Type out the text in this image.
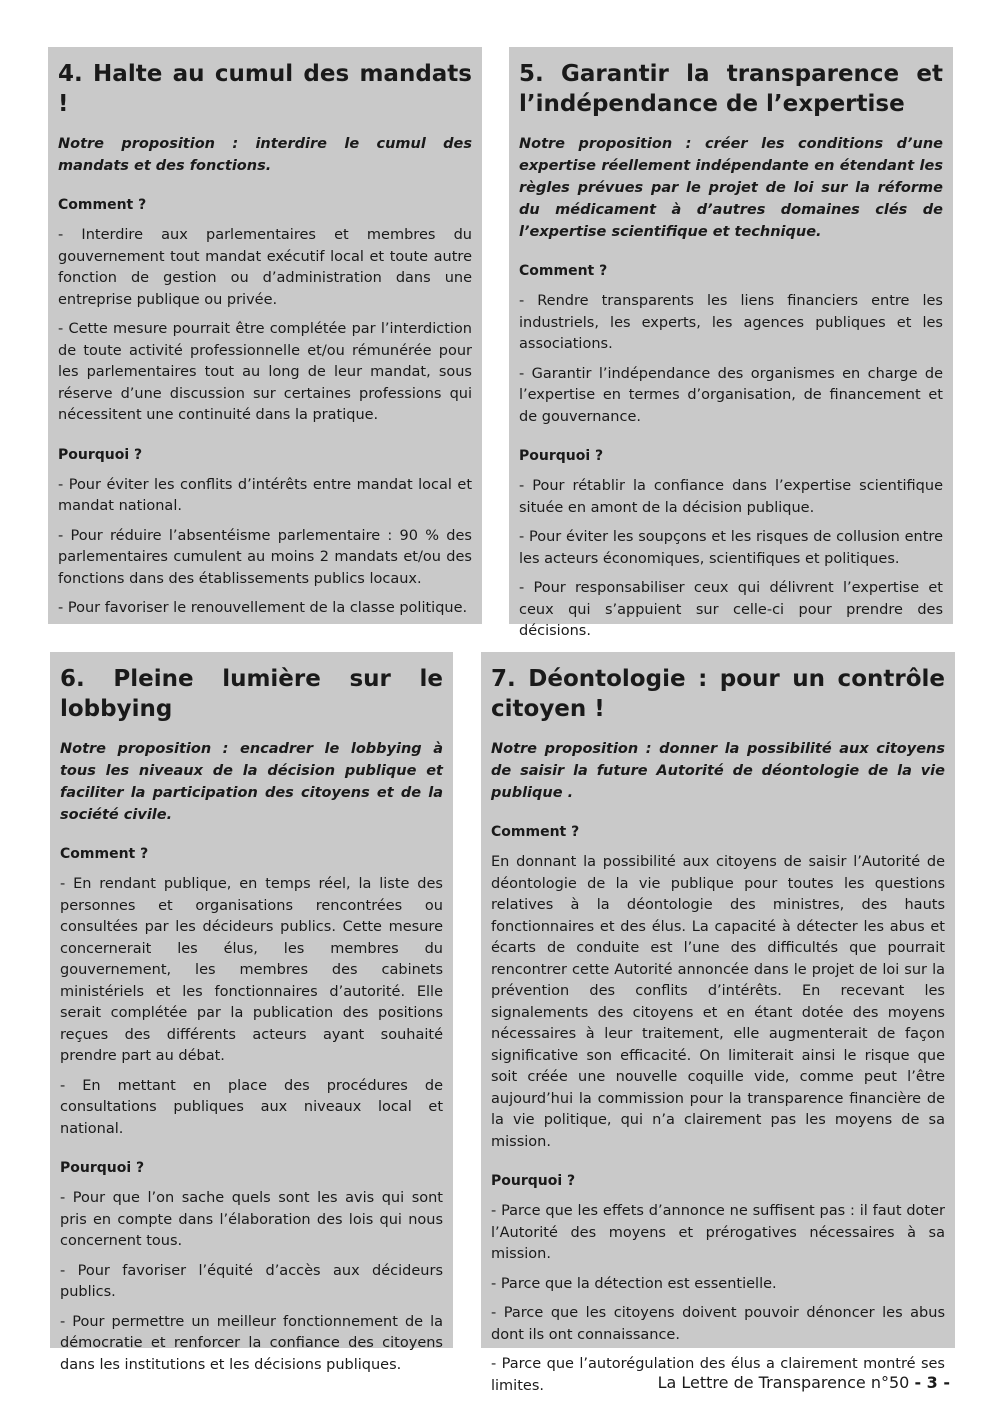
4. Halte au cumul des mandats !
Notre proposition : interdire le cumul des mandats et des fonctions.
Comment ?
- Interdire aux parlementaires et membres du gouvernement tout mandat exécutif local et toute autre fonction de gestion ou d’administration dans une entreprise publique ou privée.
- Cette mesure pourrait être complétée par l’interdiction de toute activité professionnelle et/ou rémunérée pour les parlementaires tout au long de leur mandat, sous réserve d’une discussion sur certaines professions qui nécessitent une continuité dans la pratique.
Pourquoi ?
- Pour éviter les conflits d’intérêts entre mandat local et mandat national.
- Pour réduire l’absentéisme parlementaire : 90 % des parlementaires cumulent au moins 2 mandats et/ou des fonctions dans des établissements publics locaux.
- Pour favoriser le renouvellement de la classe politique.
5. Garantir la transparence et l’indépendance de l’expertise
Notre proposition : créer les conditions d’une expertise réellement indépendante en étendant les règles prévues par le projet de loi sur la réforme du médicament à d’autres domaines clés de l’expertise scientifique et technique.
Comment ?
- Rendre transparents les liens financiers entre les industriels, les experts, les agences publiques et les associations.
- Garantir l’indépendance des organismes en charge de l’expertise en termes d’organisation, de financement et de gouvernance.
Pourquoi ?
- Pour rétablir la confiance dans l’expertise scientifique située en amont de la décision publique.
- Pour éviter les soupçons et les risques de collusion entre les acteurs économiques, scientifiques et politiques.
- Pour responsabiliser ceux qui délivrent l’expertise et ceux qui s’appuient sur celle-ci pour prendre des décisions.
6. Pleine lumière sur le
lobbying
Notre proposition : encadrer le lobbying à tous les niveaux de la décision publique et faciliter la participation des citoyens et de la société civile.
Comment ?
- En rendant publique, en temps réel, la liste des personnes et organisations rencontrées ou consultées par les décideurs publics. Cette mesure concernerait les élus, les membres du gouvernement, les membres des cabinets ministériels et les fonctionnaires d’autorité. Elle serait complétée par la publication des positions reçues des différents acteurs ayant souhaité prendre part au débat.
- En mettant en place des procédures de consultations publiques aux niveaux local et national.
Pourquoi ?
- Pour que l’on sache quels sont les avis qui sont pris en compte dans l’élaboration des lois qui nous concernent tous.
- Pour favoriser l’équité d’accès aux décideurs publics.
- Pour permettre un meilleur fonctionnement de la démocratie et renforcer la confiance des citoyens dans les institutions et les décisions publiques.
7. Déontologie : pour un contrôle citoyen !
Notre proposition : donner la possibilité aux citoyens de saisir la future Autorité de déontologie de la vie publique .
Comment ?
En donnant la possibilité aux citoyens de saisir l’Autorité de déontologie de la vie publique pour toutes les questions relatives à la déontologie des ministres, des hauts fonctionnaires et des élus. La capacité à détecter les abus et écarts de conduite est l’une des difficultés que pourrait rencontrer cette Autorité annoncée dans le projet de loi sur la prévention des conflits d’intérêts. En recevant les signalements des citoyens et en étant dotée des moyens nécessaires à leur traitement, elle augmenterait de façon significative son efficacité. On limiterait ainsi le risque que soit créée une nouvelle coquille vide, comme peut l’être aujourd’hui la commission pour la transparence financière de la vie politique, qui n’a clairement pas les moyens de sa mission.
Pourquoi ?
- Parce que les effets d’annonce ne suffisent pas : il faut doter l’Autorité des moyens et prérogatives nécessaires à sa mission.
- Parce que la détection est essentielle.
- Parce que les citoyens doivent pouvoir dénoncer les abus dont ils ont connaissance.
- Parce que l’autorégulation des élus a clairement montré ses limites.	La Lettre de Transparence n°50 - 3 -
